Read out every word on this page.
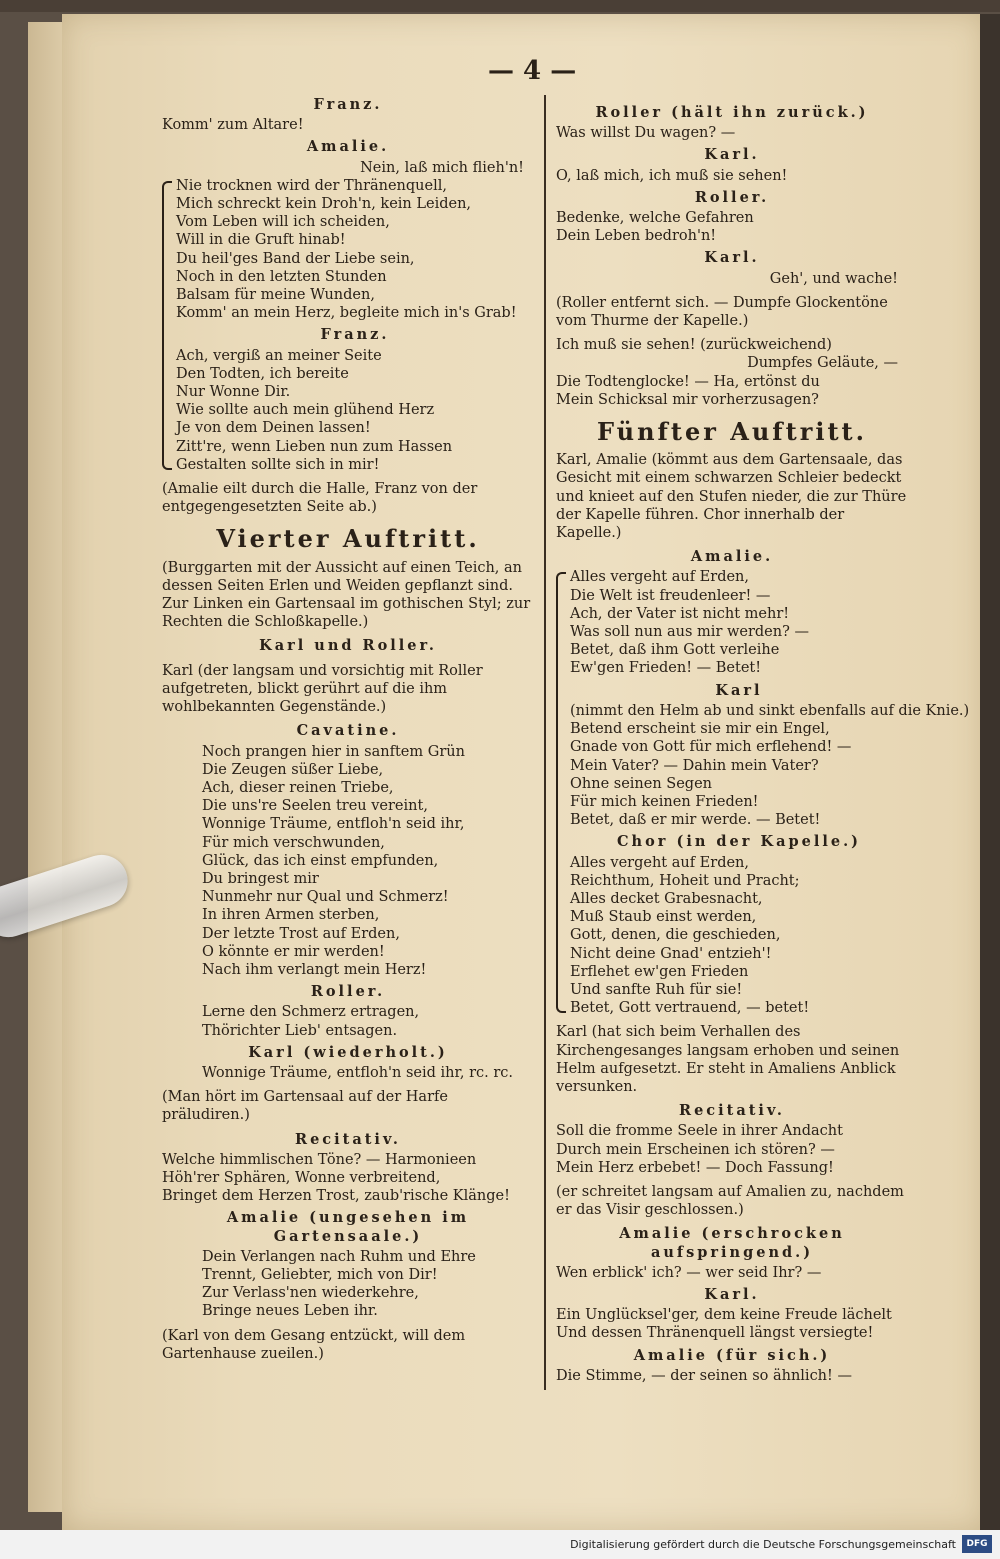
— 4 —
Franz.
Komm' zum Altare!
Amalie.
Nein, laß mich flieh'n!
Nie trocknen wird der Thränenquell,
Mich schreckt kein Droh'n, kein Leiden,
Vom Leben will ich scheiden,
Will in die Gruft hinab!
Du heil'ges Band der Liebe sein,
Noch in den letzten Stunden
Balsam für meine Wunden,
Komm' an mein Herz, begleite mich in's Grab!
Franz.
Ach, vergiß an meiner Seite
Den Todten, ich bereite
Nur Wonne Dir.
Wie sollte auch mein glühend Herz
Je von dem Deinen lassen!
Zitt're, wenn Lieben nun zum Hassen
Gestalten sollte sich in mir!
(Amalie eilt durch die Halle, Franz von der entgegengesetzten Seite ab.)
Vierter Auftritt.
(Burggarten mit der Aussicht auf einen Teich, an dessen Seiten Erlen und Weiden gepflanzt sind. Zur Linken ein Gartensaal im gothischen Styl; zur Rechten die Schloßkapelle.)
Karl und Roller.
Karl (der langsam und vorsichtig mit Roller aufgetreten, blickt gerührt auf die ihm wohlbekannten Gegenstände.)
Cavatine.
Noch prangen hier in sanftem Grün
Die Zeugen süßer Liebe,
Ach, dieser reinen Triebe,
Die uns're Seelen treu vereint,
Wonnige Träume, entfloh'n seid ihr,
Für mich verschwunden,
Glück, das ich einst empfunden,
Du bringest mir
Nunmehr nur Qual und Schmerz!
In ihren Armen sterben,
Der letzte Trost auf Erden,
O könnte er mir werden!
Nach ihm verlangt mein Herz!
Roller.
Lerne den Schmerz ertragen,
Thörichter Lieb' entsagen.
Karl (wiederholt.)
Wonnige Träume, entfloh'n seid ihr, rc. rc.
(Man hört im Gartensaal auf der Harfe präludiren.)
Recitativ.
Welche himmlischen Töne? — Harmonieen
Höh'rer Sphären, Wonne verbreitend,
Bringet dem Herzen Trost, zaub'rische Klänge!
Amalie (ungesehen im Gartensaale.)
Dein Verlangen nach Ruhm und Ehre
Trennt, Geliebter, mich von Dir!
Zur Verlass'nen wiederkehre,
Bringe neues Leben ihr.
(Karl von dem Gesang entzückt, will dem Gartenhause zueilen.)
Roller (hält ihn zurück.)
Was willst Du wagen? —
Karl.
O, laß mich, ich muß sie sehen!
Roller.
Bedenke, welche Gefahren
Dein Leben bedroh'n!
Karl.
Geh', und wache!
(Roller entfernt sich. — Dumpfe Glockentöne vom Thurme der Kapelle.)
Ich muß sie sehen! (zurückweichend)
Dumpfes Geläute, —
Die Todtenglocke! — Ha, ertönst du
Mein Schicksal mir vorherzusagen?
Fünfter Auftritt.
Karl, Amalie (kömmt aus dem Gartensaale, das Gesicht mit einem schwarzen Schleier bedeckt und knieet auf den Stufen nieder, die zur Thüre der Kapelle führen. Chor innerhalb der Kapelle.)
Amalie.
Alles vergeht auf Erden,
Die Welt ist freudenleer! —
Ach, der Vater ist nicht mehr!
Was soll nun aus mir werden? —
Betet, daß ihm Gott verleihe
Ew'gen Frieden! — Betet!
Karl
(nimmt den Helm ab und sinkt ebenfalls auf die Knie.)
Betend erscheint sie mir ein Engel,
Gnade von Gott für mich erflehend! —
Mein Vater? — Dahin mein Vater?
Ohne seinen Segen
Für mich keinen Frieden!
Betet, daß er mir werde. — Betet!
Chor (in der Kapelle.)
Alles vergeht auf Erden,
Reichthum, Hoheit und Pracht;
Alles decket Grabesnacht,
Muß Staub einst werden,
Gott, denen, die geschieden,
Nicht deine Gnad' entzieh'!
Erflehet ew'gen Frieden
Und sanfte Ruh für sie!
Betet, Gott vertrauend, — betet!
Karl (hat sich beim Verhallen des Kirchengesanges langsam erhoben und seinen Helm aufgesetzt. Er steht in Amaliens Anblick versunken.
Recitativ.
Soll die fromme Seele in ihrer Andacht
Durch mein Erscheinen ich stören? —
Mein Herz erbebet! — Doch Fassung!
(er schreitet langsam auf Amalien zu, nachdem er das Visir geschlossen.)
Amalie (erschrocken aufspringend.)
Wen erblick' ich? — wer seid Ihr? —
Karl.
Ein Unglücksel'ger, dem keine Freude lächelt
Und dessen Thränenquell längst versiegte!
Amalie (für sich.)
Die Stimme, — der seinen so ähnlich! —
Digitalisierung gefördert durch die Deutsche Forschungsgemeinschaft	DFG
